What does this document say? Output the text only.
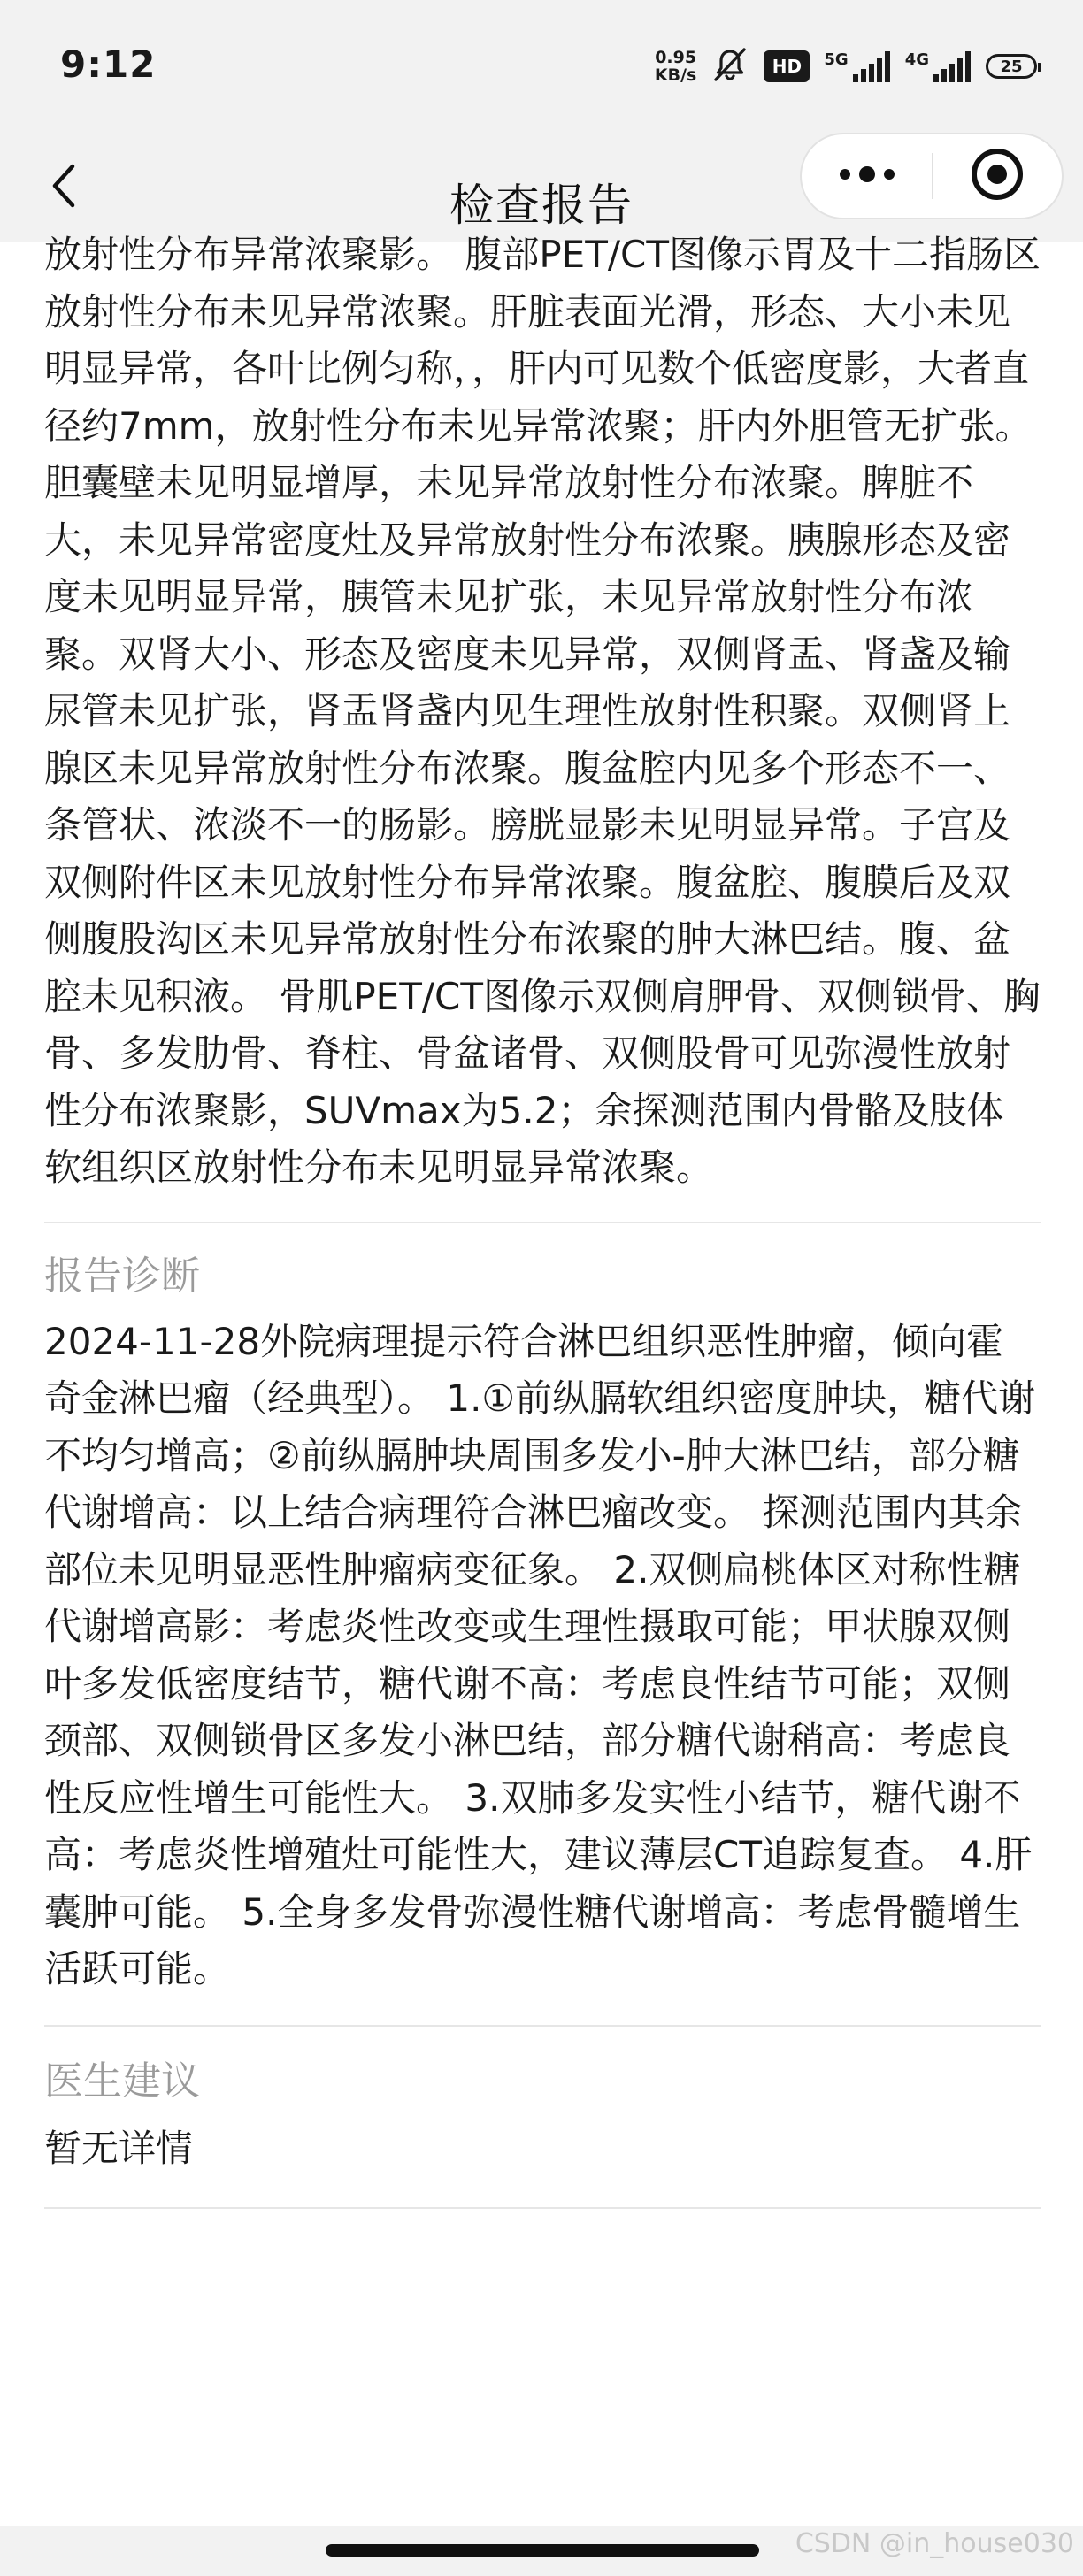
9:12	0.95
KB/s	HD 5G	4G	25
检查报告

放射性分布异常浓聚影。 腹部PET/CT图像示胃及十二指肠区放射性分布未见异常浓聚。肝脏表面光滑，形态、大小未见明显异常，各叶比例匀称，，肝内可见数个低密度影，大者直径约7mm，放射性分布未见异常浓聚；肝内外胆管无扩张。胆囊壁未见明显增厚，未见异常放射性分布浓聚。脾脏不大，未见异常密度灶及异常放射性分布浓聚。胰腺形态及密度未见明显异常，胰管未见扩张，未见异常放射性分布浓聚。双肾大小、形态及密度未见异常，双侧肾盂、肾盏及输尿管未见扩张，肾盂肾盏内见生理性放射性积聚。双侧肾上腺区未见异常放射性分布浓聚。腹盆腔内见多个形态不一、条管状、浓淡不一的肠影。膀胱显影未见明显异常。子宫及双侧附件区未见放射性分布异常浓聚。腹盆腔、腹膜后及双侧腹股沟区未见异常放射性分布浓聚的肿大淋巴结。腹、盆腔未见积液。 骨肌PET/CT图像示双侧肩胛骨、双侧锁骨、胸骨、多发肋骨、脊柱、骨盆诸骨、双侧股骨可见弥漫性放射性分布浓聚影，SUVmax为5.2；余探测范围内骨骼及肢体软组织区放射性分布未见明显异常浓聚。

报告诊断

2024-11-28外院病理提示符合淋巴组织恶性肿瘤，倾向霍奇金淋巴瘤（经典型）。 1.①前纵膈软组织密度肿块，糖代谢不均匀增高；②前纵膈肿块周围多发小-肿大淋巴结，部分糖代谢增高：以上结合病理符合淋巴瘤改变。 探测范围内其余部位未见明显恶性肿瘤病变征象。 2.双侧扁桃体区对称性糖代谢增高影：考虑炎性改变或生理性摄取可能；甲状腺双侧叶多发低密度结节，糖代谢不高：考虑良性结节可能；双侧颈部、双侧锁骨区多发小淋巴结，部分糖代谢稍高：考虑良性反应性增生可能性大。 3.双肺多发实性小结节，糖代谢不高：考虑炎性增殖灶可能性大，建议薄层CT追踪复查。 4.肝囊肿可能。 5.全身多发骨弥漫性糖代谢增高：考虑骨髓增生活跃可能。

医生建议

暂无详情

CSDN @in_house030
